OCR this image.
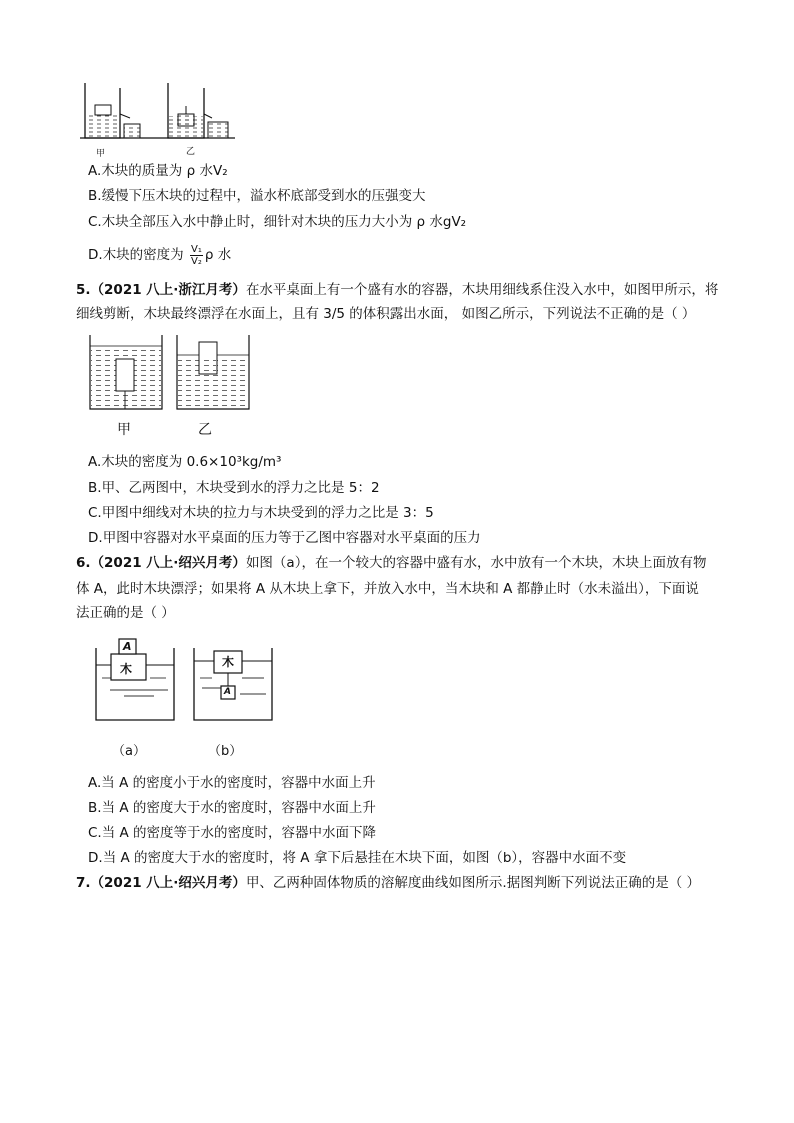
甲	乙
A.木块的质量为 ρ 水V₂
B.缓慢下压木块的过程中，溢水杯底部受到水的压强变大
C.木块全部压入水中静止时，细针对木块的压力大小为 ρ 水gV₂
D.木块的密度为 $\frac{\text{V₁}}{\text{V₂}}$ ρ 水
5.（2021 八上·浙江月考）在水平桌面上有一个盛有水的容器，木块用细线系住没入水中，如图甲所示，将
细线剪断，木块最终漂浮在水面上，且有 3/5 的体积露出水面， 如图乙所示，下列说法不正确的是（ ）
甲	乙
A.木块的密度为 0.6×10³kg/m³
B.甲、乙两图中，木块受到水的浮力之比是 5：2
C.甲图中细线对木块的拉力与木块受到的浮力之比是 3：5
D.甲图中容器对水平桌面的压力等于乙图中容器对水平桌面的压力
6.（2021 八上·绍兴月考）如图（a），在一个较大的容器中盛有水，水中放有一个木块，木块上面放有物
体 A，此时木块漂浮；如果将 A 从木块上拿下，并放入水中，当木块和 A 都静止时（水未溢出），下面说
法正确的是（ ）
A
木	木
A
（a）	（b）
A.当 A 的密度小于水的密度时，容器中水面上升
B.当 A 的密度大于水的密度时，容器中水面上升
C.当 A 的密度等于水的密度时，容器中水面下降
D.当 A 的密度大于水的密度时，将 A 拿下后悬挂在木块下面，如图（b），容器中水面不变
7.（2021 八上·绍兴月考）甲、乙两种固体物质的溶解度曲线如图所示.据图判断下列说法正确的是（ ）
